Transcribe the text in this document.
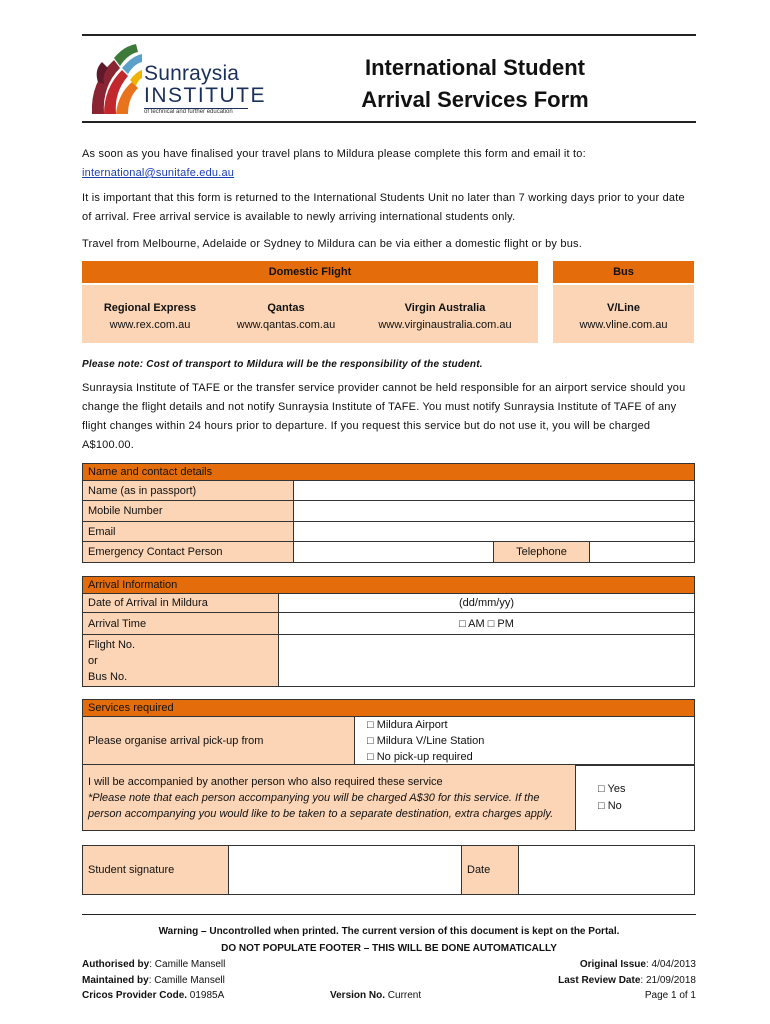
Sunraysia
INSTITUTE
of technical and further education
International Student
Arrival Services Form
As soon as you have finalised your travel plans to Mildura please complete this form and email it to:
international@sunitafe.edu.au
It is important that this form is returned to the International Students Unit no later than 7 working days prior to your date of arrival. Free arrival service is available to newly arriving international students only.
Travel from Melbourne, Adelaide or Sydney to Mildura can be via either a domestic flight or by bus.
Domestic Flight	Bus
Regional Express
www.rex.com.au
Qantas
www.qantas.com.au
Virgin Australia
www.virginaustralia.com.au
V/Line
www.vline.com.au
Please note: Cost of transport to Mildura will be the responsibility of the student.
Sunraysia Institute of TAFE or the transfer service provider cannot be held responsible for an airport service should you change the flight details and not notify Sunraysia Institute of TAFE. You must notify Sunraysia Institute of TAFE of any flight changes within 24 hours prior to departure. If you request this service but do not use it, you will be charged A$100.00.
Name and contact details			
Name (as in passport)			
Mobile Number			
Email			
Emergency Contact Person		Telephone	
Arrival Information	
Date of Arrival in Mildura	(dd/mm/yy)
Arrival Time	□ AM □ PM

Flight No.
or
Bus No.	

Services required
Please organise arrival pick-up from	
□ Mildura Airport
□ Mildura V/Line Station
□ No pick-up required
I will be accompanied by another person who also required these service
*Please note that each person accompanying you will be charged A$30 for this service. If the person accompanying you would like to be taken to a separate destination, extra charges apply.

□ Yes
□ No
Student signature		Date	
Warning – Uncontrolled when printed. The current version of this document is kept on the Portal.
DO NOT POPULATE FOOTER – THIS WILL BE DONE AUTOMATICALLY
Authorised by: Camille Mansell
Maintained by: Camille Mansell
Cricos Provider Code. 01985A	Version No. Current
Original Issue: 4/04/2013
Last Review Date: 21/09/2018
Page 1 of 1
